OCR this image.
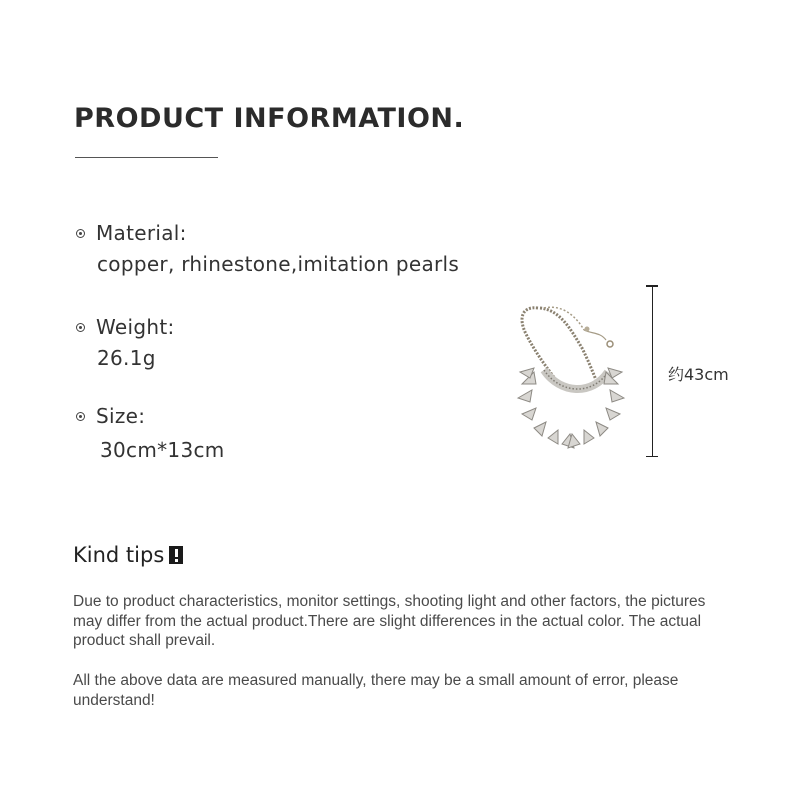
PRODUCT INFORMATION.
Material:
copper, rhinestone,imitation pearls
Weight:
26.1g
Size:
30cm*13cm
约43cm
Kind tips

Due to product characteristics, monitor settings, shooting light and other factors, the pictures may differ from the actual product.There are slight differences in the actual color. The actual product shall prevail.

All the above data are measured manually, there may be a small amount of error, please understand!
